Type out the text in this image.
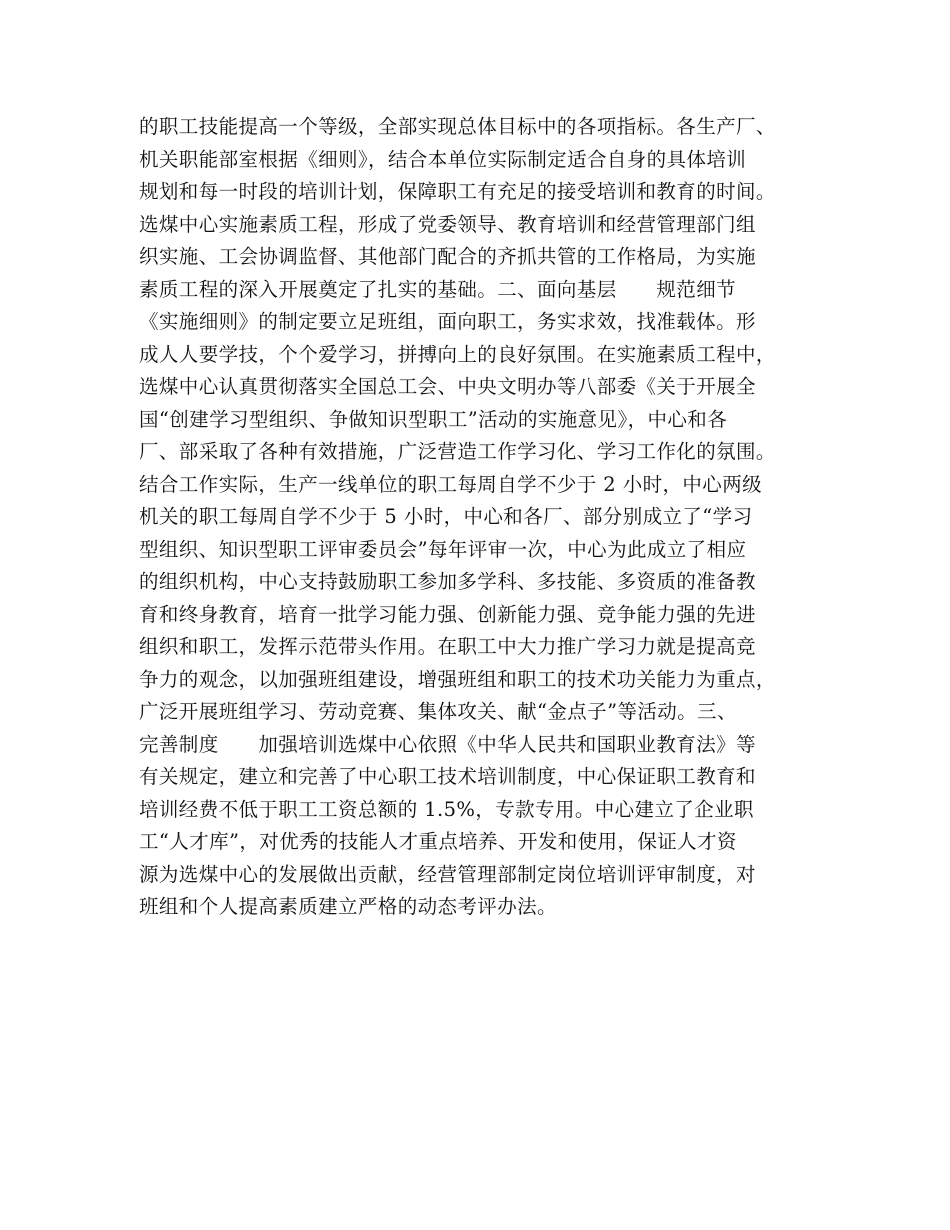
的职工技能提高一个等级，全部实现总体目标中的各项指标。各生产厂、
机关职能部室根据《细则》，结合本单位实际制定适合自身的具体培训
规划和每一时段的培训计划，保障职工有充足的接受培训和教育的时间。
选煤中心实施素质工程，形成了党委领导、教育培训和经营管理部门组
织实施、工会协调监督、其他部门配合的齐抓共管的工作格局，为实施
素质工程的深入开展奠定了扎实的基础。二、面向基层　　规范细节
《实施细则》的制定要立足班组，面向职工，务实求效，找准载体。形
成人人要学技，个个爱学习，拼搏向上的良好氛围。在实施素质工程中，
选煤中心认真贯彻落实全国总工会、中央文明办等八部委《关于开展全
国“创建学习型组织、争做知识型职工”活动的实施意见》，中心和各
厂、部采取了各种有效措施，广泛营造工作学习化、学习工作化的氛围。
结合工作实际，生产一线单位的职工每周自学不少于 2 小时，中心两级
机关的职工每周自学不少于 5 小时，中心和各厂、部分别成立了“学习
型组织、知识型职工评审委员会”每年评审一次，中心为此成立了相应
的组织机构，中心支持鼓励职工参加多学科、多技能、多资质的准备教
育和终身教育，培育一批学习能力强、创新能力强、竞争能力强的先进
组织和职工，发挥示范带头作用。在职工中大力推广学习力就是提高竞
争力的观念，以加强班组建设，增强班组和职工的技术功关能力为重点，
广泛开展班组学习、劳动竞赛、集体攻关、献“金点子”等活动。三、
完善制度　　加强培训选煤中心依照《中华人民共和国职业教育法》等
有关规定，建立和完善了中心职工技术培训制度，中心保证职工教育和
培训经费不低于职工工资总额的 1.5%，专款专用。中心建立了企业职
工“人才库”，对优秀的技能人才重点培养、开发和使用，保证人才资
源为选煤中心的发展做出贡献，经营管理部制定岗位培训评审制度，对
班组和个人提高素质建立严格的动态考评办法。
